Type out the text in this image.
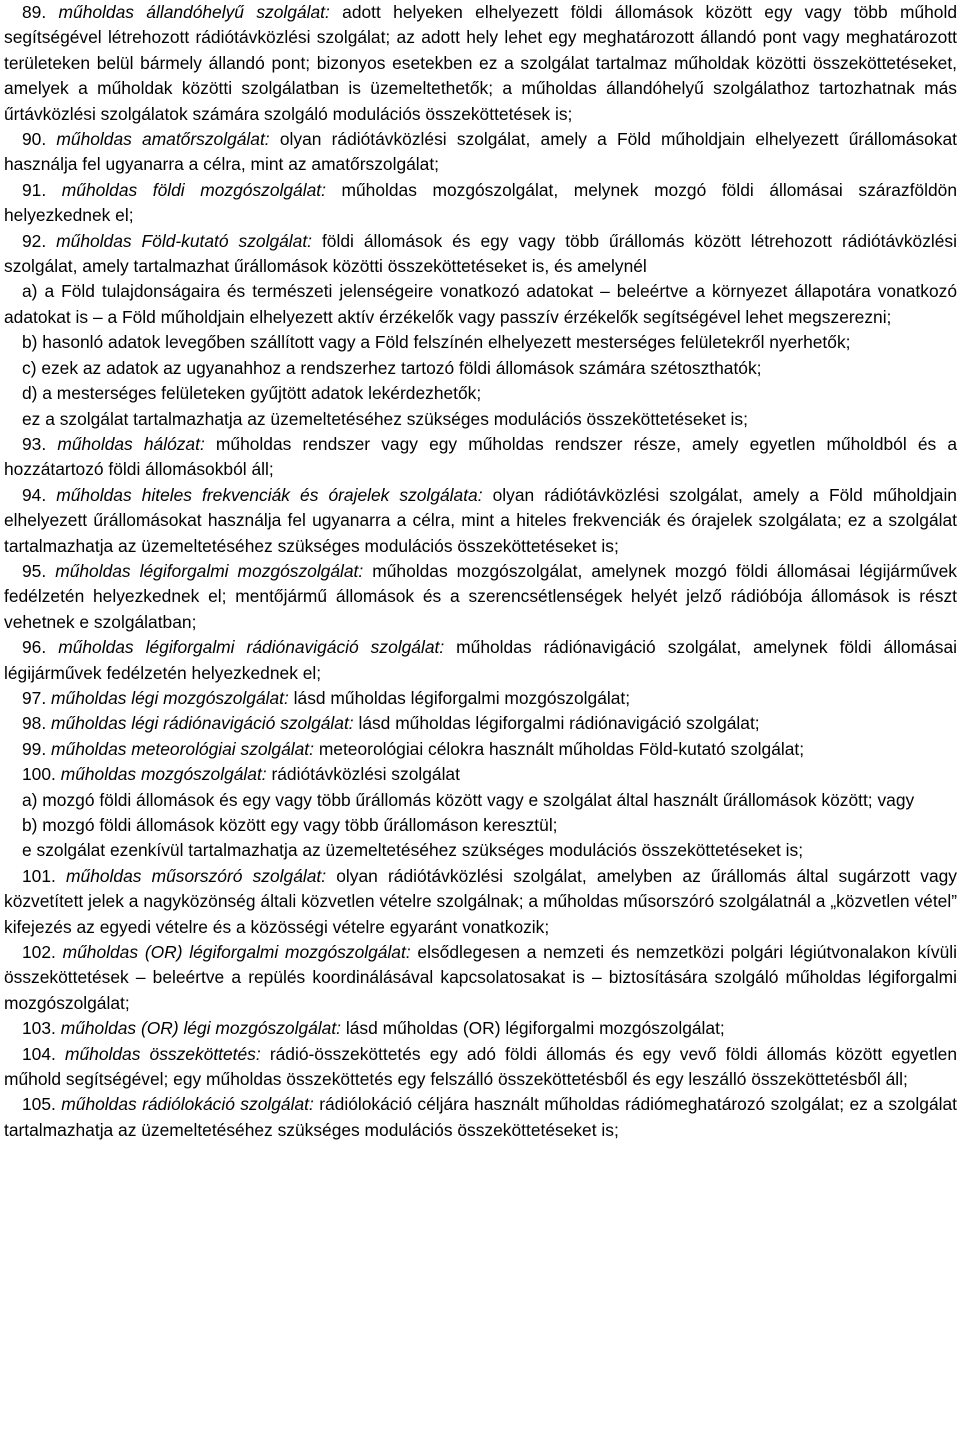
89. műholdas állandóhelyű szolgálat: adott helyeken elhelyezett földi állomások között egy vagy több műhold segítségével létrehozott rádiótávközlési szolgálat; az adott hely lehet egy meghatározott állandó pont vagy meghatározott területeken belül bármely állandó pont; bizonyos esetekben ez a szolgálat tartalmaz műholdak közötti összeköttetéseket, amelyek a műholdak közötti szolgálatban is üzemeltethetők; a műholdas állandóhelyű szolgálathoz tartozhatnak más űrtávközlési szolgálatok számára szolgáló modulációs összeköttetések is;

90. műholdas amatőrszolgálat: olyan rádiótávközlési szolgálat, amely a Föld műholdjain elhelyezett űrállomásokat használja fel ugyanarra a célra, mint az amatőrszolgálat;

91. műholdas földi mozgószolgálat: műholdas mozgószolgálat, melynek mozgó földi állomásai szárazföldön helyezkednek el;

92. műholdas Föld-kutató szolgálat: földi állomások és egy vagy több űrállomás között létrehozott rádiótávközlési szolgálat, amely tartalmazhat űrállomások közötti összeköttetéseket is, és amelynél

a) a Föld tulajdonságaira és természeti jelenségeire vonatkozó adatokat – beleértve a környezet állapotára vonatkozó adatokat is – a Föld műholdjain elhelyezett aktív érzékelők vagy passzív érzékelők segítségével lehet megszerezni;

b) hasonló adatok levegőben szállított vagy a Föld felszínén elhelyezett mesterséges felületekről nyerhetők;

c) ezek az adatok az ugyanahhoz a rendszerhez tartozó földi állomások számára szétoszthatók;

d) a mesterséges felületeken gyűjtött adatok lekérdezhetők;

ez a szolgálat tartalmazhatja az üzemeltetéséhez szükséges modulációs összeköttetéseket is;

93. műholdas hálózat: műholdas rendszer vagy egy műholdas rendszer része, amely egyetlen műholdból és a hozzátartozó földi állomásokból áll;

94. műholdas hiteles frekvenciák és órajelek szolgálata: olyan rádiótávközlési szolgálat, amely a Föld műholdjain elhelyezett űrállomásokat használja fel ugyanarra a célra, mint a hiteles frekvenciák és órajelek szolgálata; ez a szolgálat tartalmazhatja az üzemeltetéséhez szükséges modulációs összeköttetéseket is;

95. műholdas légiforgalmi mozgószolgálat: műholdas mozgószolgálat, amelynek mozgó földi állomásai légijárművek fedélzetén helyezkednek el; mentőjármű állomások és a szerencsétlenségek helyét jelző rádióbója állomások is részt vehetnek e szolgálatban;

96. műholdas légiforgalmi rádiónavigáció szolgálat: műholdas rádiónavigáció szolgálat, amelynek földi állomásai légijárművek fedélzetén helyezkednek el;

97. műholdas légi mozgószolgálat: lásd műholdas légiforgalmi mozgószolgálat;

98. műholdas légi rádiónavigáció szolgálat: lásd műholdas légiforgalmi rádiónavigáció szolgálat;

99. műholdas meteorológiai szolgálat: meteorológiai célokra használt műholdas Föld-kutató szolgálat;

100. műholdas mozgószolgálat: rádiótávközlési szolgálat

a) mozgó földi állomások és egy vagy több űrállomás között vagy e szolgálat által használt űrállomások között; vagy

b) mozgó földi állomások között egy vagy több űrállomáson keresztül;

e szolgálat ezenkívül tartalmazhatja az üzemeltetéséhez szükséges modulációs összeköttetéseket is;

101. műholdas műsorszóró szolgálat: olyan rádiótávközlési szolgálat, amelyben az űrállomás által sugárzott vagy közvetített jelek a nagyközönség általi közvetlen vételre szolgálnak; a műholdas műsorszóró szolgálatnál a „közvetlen vétel” kifejezés az egyedi vételre és a közösségi vételre egyaránt vonatkozik;

102. műholdas (OR) légiforgalmi mozgószolgálat: elsődlegesen a nemzeti és nemzetközi polgári légiútvonalakon kívüli összeköttetések – beleértve a repülés koordinálásával kapcsolatosakat is – biztosítására szolgáló műholdas légiforgalmi mozgószolgálat;

103. műholdas (OR) légi mozgószolgálat: lásd műholdas (OR) légiforgalmi mozgószolgálat;

104. műholdas összeköttetés: rádió-összeköttetés egy adó földi állomás és egy vevő földi állomás között egyetlen műhold segítségével; egy műholdas összeköttetés egy felszálló összeköttetésből és egy leszálló összeköttetésből áll;

105. műholdas rádiólokáció szolgálat: rádiólokáció céljára használt műholdas rádiómeghatározó szolgálat; ez a szolgálat tartalmazhatja az üzemeltetéséhez szükséges modulációs összeköttetéseket is;
